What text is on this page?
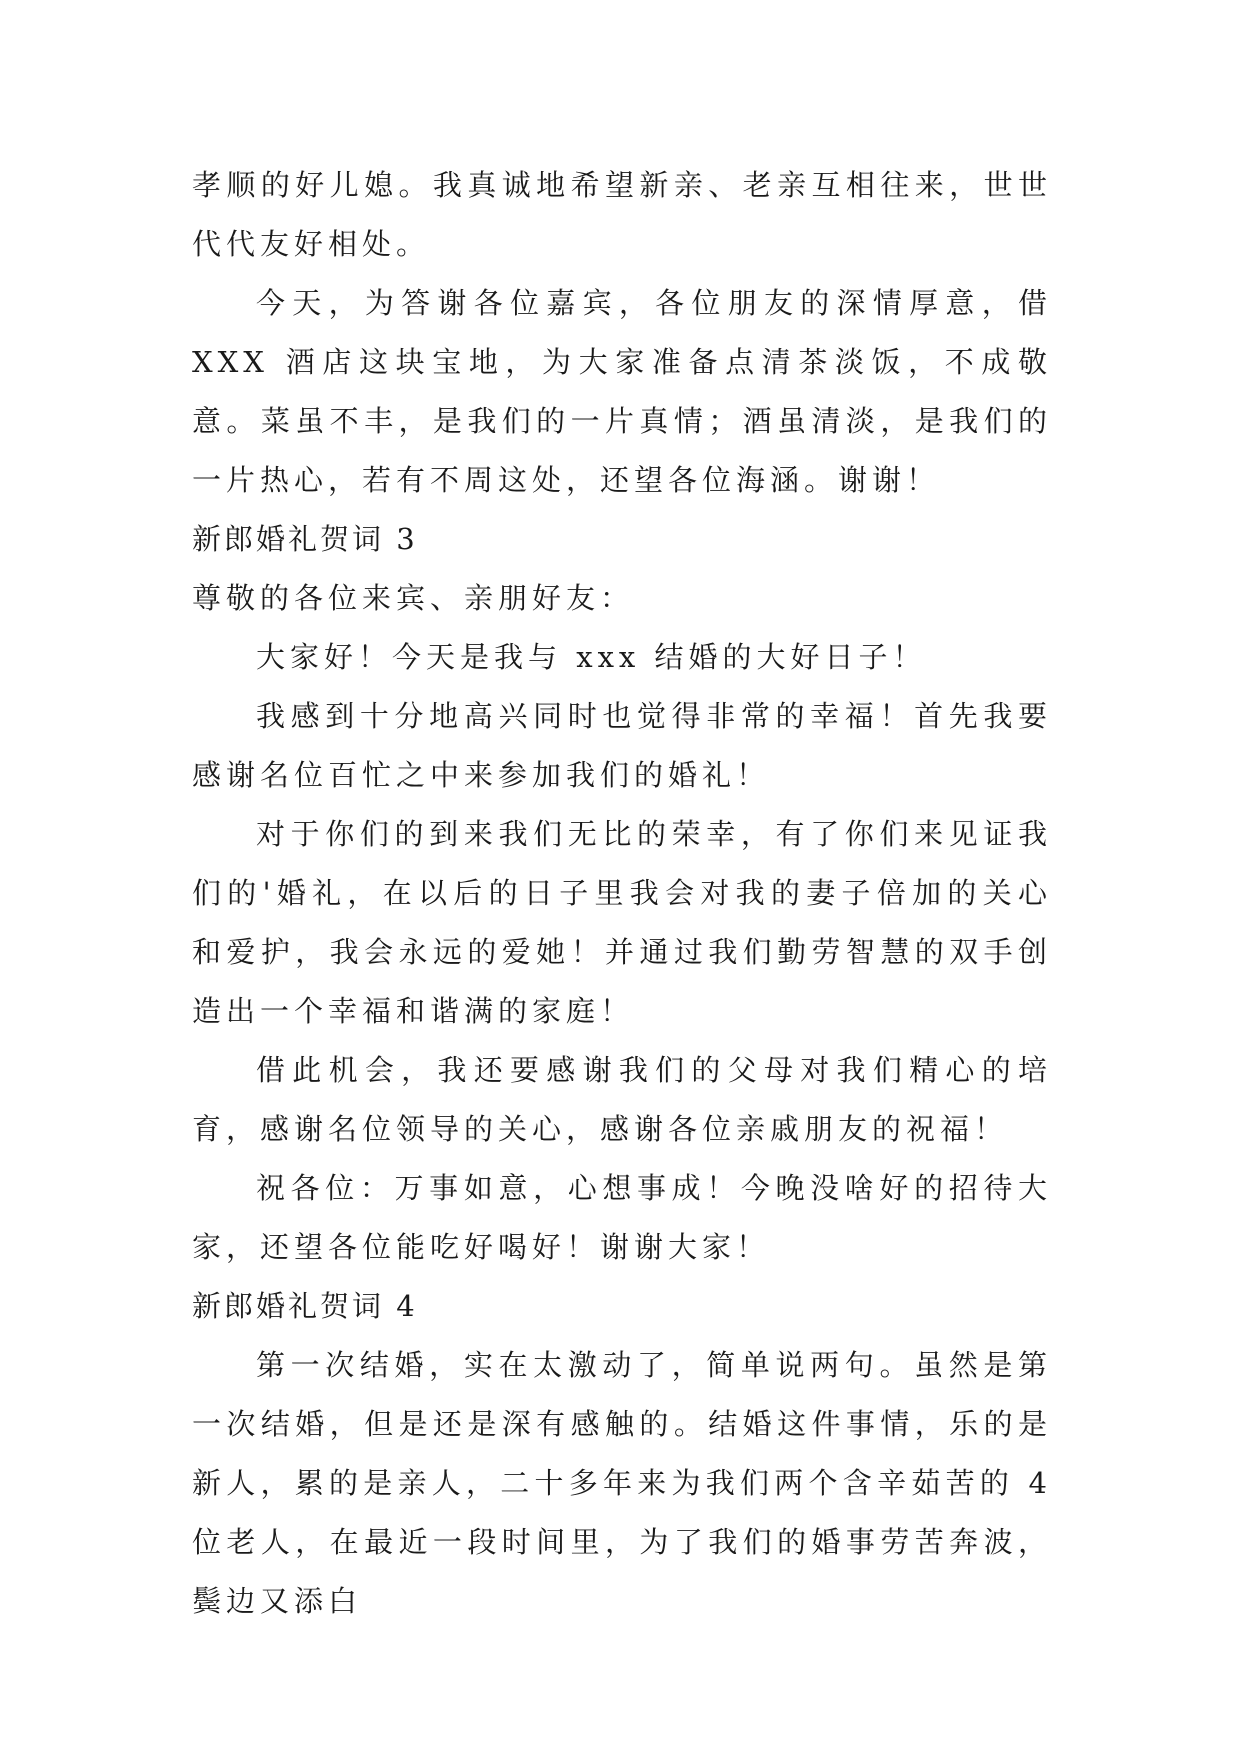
孝顺的好儿媳。我真诚地希望新亲、老亲互相往来，世世代代友好相处。

今天，为答谢各位嘉宾，各位朋友的深情厚意，借 XXX 酒店这块宝地，为大家准备点清茶淡饭，不成敬意。菜虽不丰，是我们的一片真情；酒虽清淡，是我们的一片热心，若有不周这处，还望各位海涵。谢谢！

新郎婚礼贺词 3

尊敬的各位来宾、亲朋好友：

大家好！今天是我与 xxx 结婚的大好日子！

我感到十分地高兴同时也觉得非常的幸福！首先我要感谢名位百忙之中来参加我们的婚礼！

对于你们的到来我们无比的荣幸，有了你们来见证我们的'婚礼，在以后的日子里我会对我的妻子倍加的关心和爱护，我会永远的爱她！并通过我们勤劳智慧的双手创造出一个幸福和谐满的家庭！

借此机会，我还要感谢我们的父母对我们精心的培育，感谢名位领导的关心，感谢各位亲戚朋友的祝福！

祝各位：万事如意，心想事成！今晚没啥好的招待大家，还望各位能吃好喝好！谢谢大家！

新郎婚礼贺词 4

第一次结婚，实在太激动了，简单说两句。虽然是第一次结婚，但是还是深有感触的。结婚这件事情，乐的是新人，累的是亲人，二十多年来为我们两个含辛茹苦的 4 位老人，在最近一段时间里，为了我们的婚事劳苦奔波，鬓边又添白
